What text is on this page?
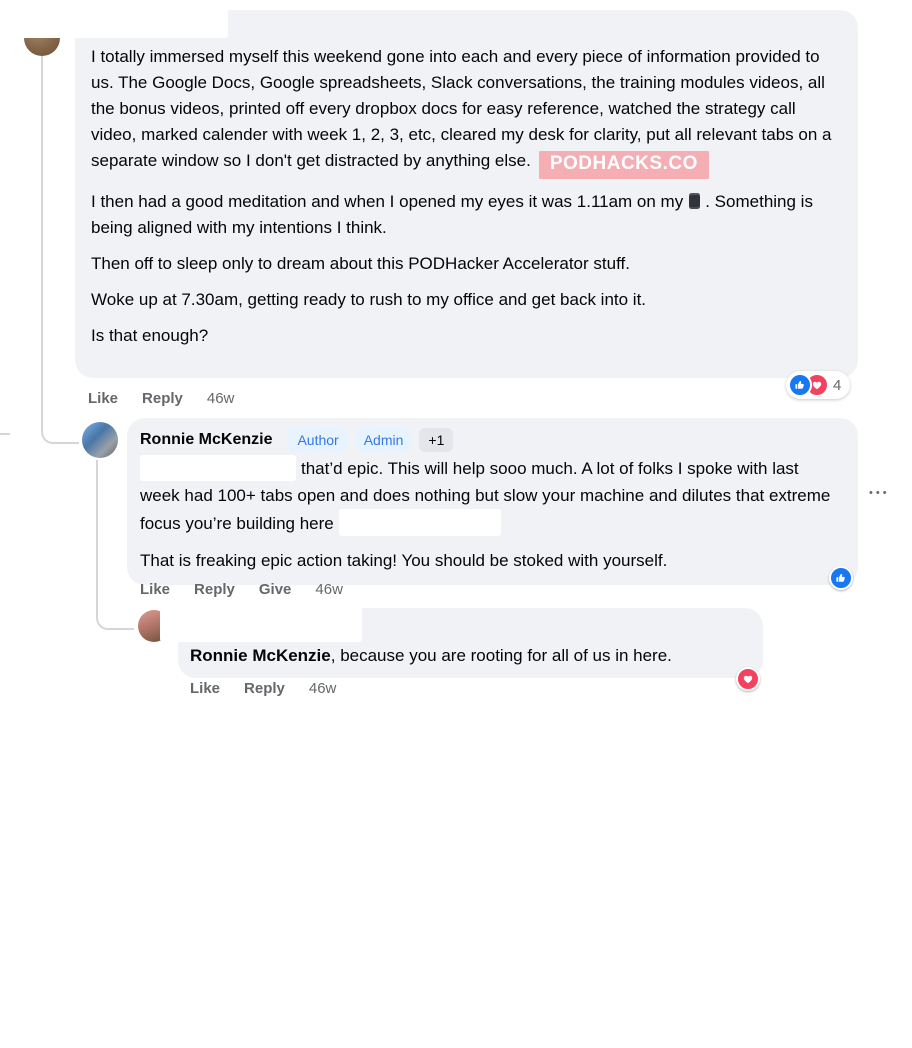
I totally immersed myself this weekend gone into each and every piece of information provided to us. The Google Docs, Google spreadsheets, Slack conversations, the training modules videos, all the bonus videos, printed off every dropbox docs for easy reference, watched the strategy call video, marked calender with week 1, 2, 3, etc, cleared my desk for clarity, put all relevant tabs on a separate window so I don't get distracted by anything else. PODHACKS.CO

I then had a good meditation and when I opened my eyes it was 1.11am on my . Something is being aligned with my intentions I think.

Then off to sleep only to dream about this PODHacker Accelerator stuff.

Woke up at 7.30am, getting ready to rush to my office and get back into it.

Is that enough?

4
Like Reply 46w
Ronnie McKenzie	Author	Admin	+1

that’d epic. This will help sooo much. A lot of folks I spoke with last week had 100+ tabs open and does nothing but slow your machine and dilutes that extreme focus you’re building here

That is freaking epic action taking! You should be stoked with yourself.

•••
Like Reply Give 46w

Ronnie McKenzie, because you are rooting for all of us in here.

Like Reply 46w
